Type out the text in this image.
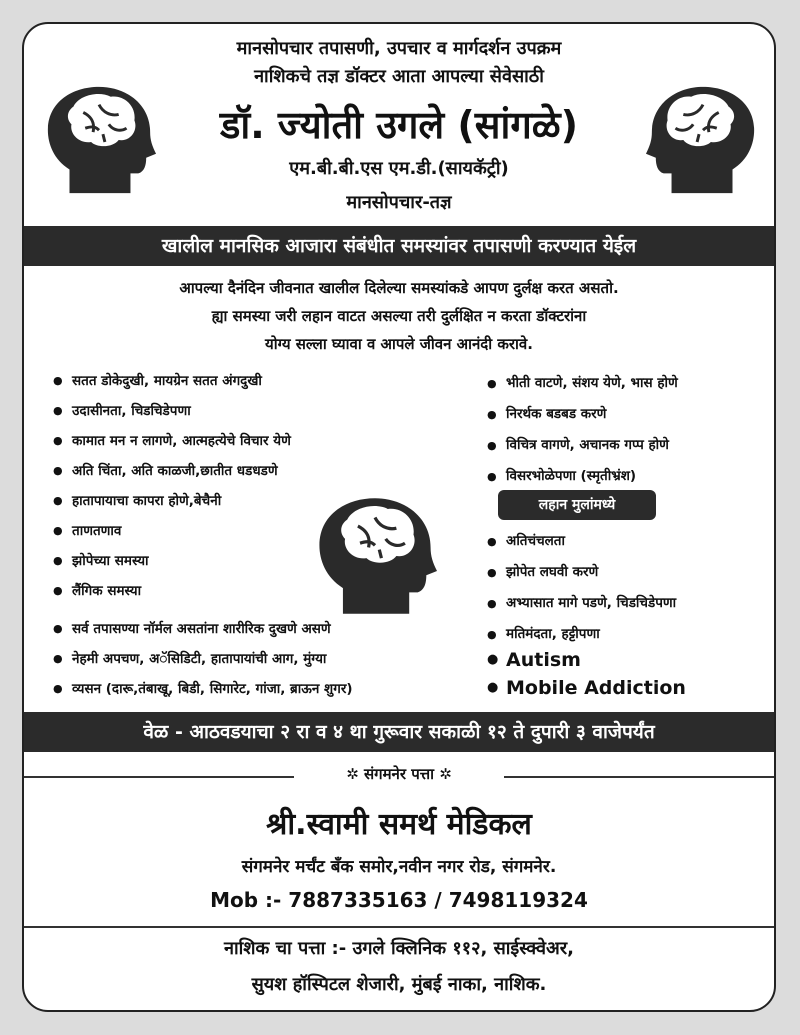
मानसोपचार तपासणी, उपचार व मार्गदर्शन उपक्रम
नाशिकचे तज्ञ डॉक्टर आता आपल्या सेवेसाठी
डॉ. ज्योती उगले (सांगळे)
एम.बी.बी.एस एम.डी.(सायकॅट्री)
मानसोपचार-तज्ञ
खालील मानसिक आजारा संबंधीत समस्यांवर तपासणी करण्यात येईल
आपल्या दैनंदिन जीवनात खालील दिलेल्या समस्यांकडे आपण दुर्लक्ष करत असतो.
ह्या समस्या जरी लहान वाटत असल्या तरी दुर्लक्षित न करता डॉक्टरांना
योग्य सल्ला घ्यावा व आपले जीवन आनंदी करावे.
● सतत डोकेदुखी, मायग्रेन सतत अंगदुखी
● उदासीनता, चिडचिडेपणा
● कामात मन न लागणे, आत्महत्येचे विचार येणे
● अति चिंता, अति काळजी,छातीत धडधडणे
● हातापायाचा कापरा होणे,बेचैनी
● ताणतणाव
● झोपेच्या समस्या
● लैंगिक समस्या
● सर्व तपासण्या नॉर्मल असतांना शारीरिक दुखणे असणे
● नेहमी अपचण, अॅसिडिटी, हातापायांची आग, मुंग्या
● व्यसन (दारू,तंबाखू, बिडी, सिगारेट, गांजा, ब्राऊन शुगर)
● भीती वाटणे, संशय येणे, भास होणे
● निरर्थक बडबड करणे
● विचित्र वागणे, अचानक गप्प होणे
● विसरभोळेपणा (स्मृतीभ्रंश)
लहान मुलांमध्ये
● अतिचंचलता
● झोपेत लघवी करणे
● अभ्यासात मागे पडणे, चिडचिडेपणा
● मतिमंदता, हट्टीपणा
● Autism
● Mobile Addiction
वेळ - आठवडयाचा २ रा व ४ था गुरूवार सकाळी १२ ते दुपारी ३ वाजेपर्यंत
✲ संगमनेर पत्ता ✲
श्री.स्वामी समर्थ मेडिकल
संगमनेर मर्चंट बँक समोर,नवीन नगर रोड, संगमनेर.
Mob :- 7887335163 / 7498119324
नाशिक चा पत्ता :- उगले क्लिनिक ११२, साईस्क्वेअर,
सुयश हॉस्पिटल शेजारी, मुंबई नाका, नाशिक.
